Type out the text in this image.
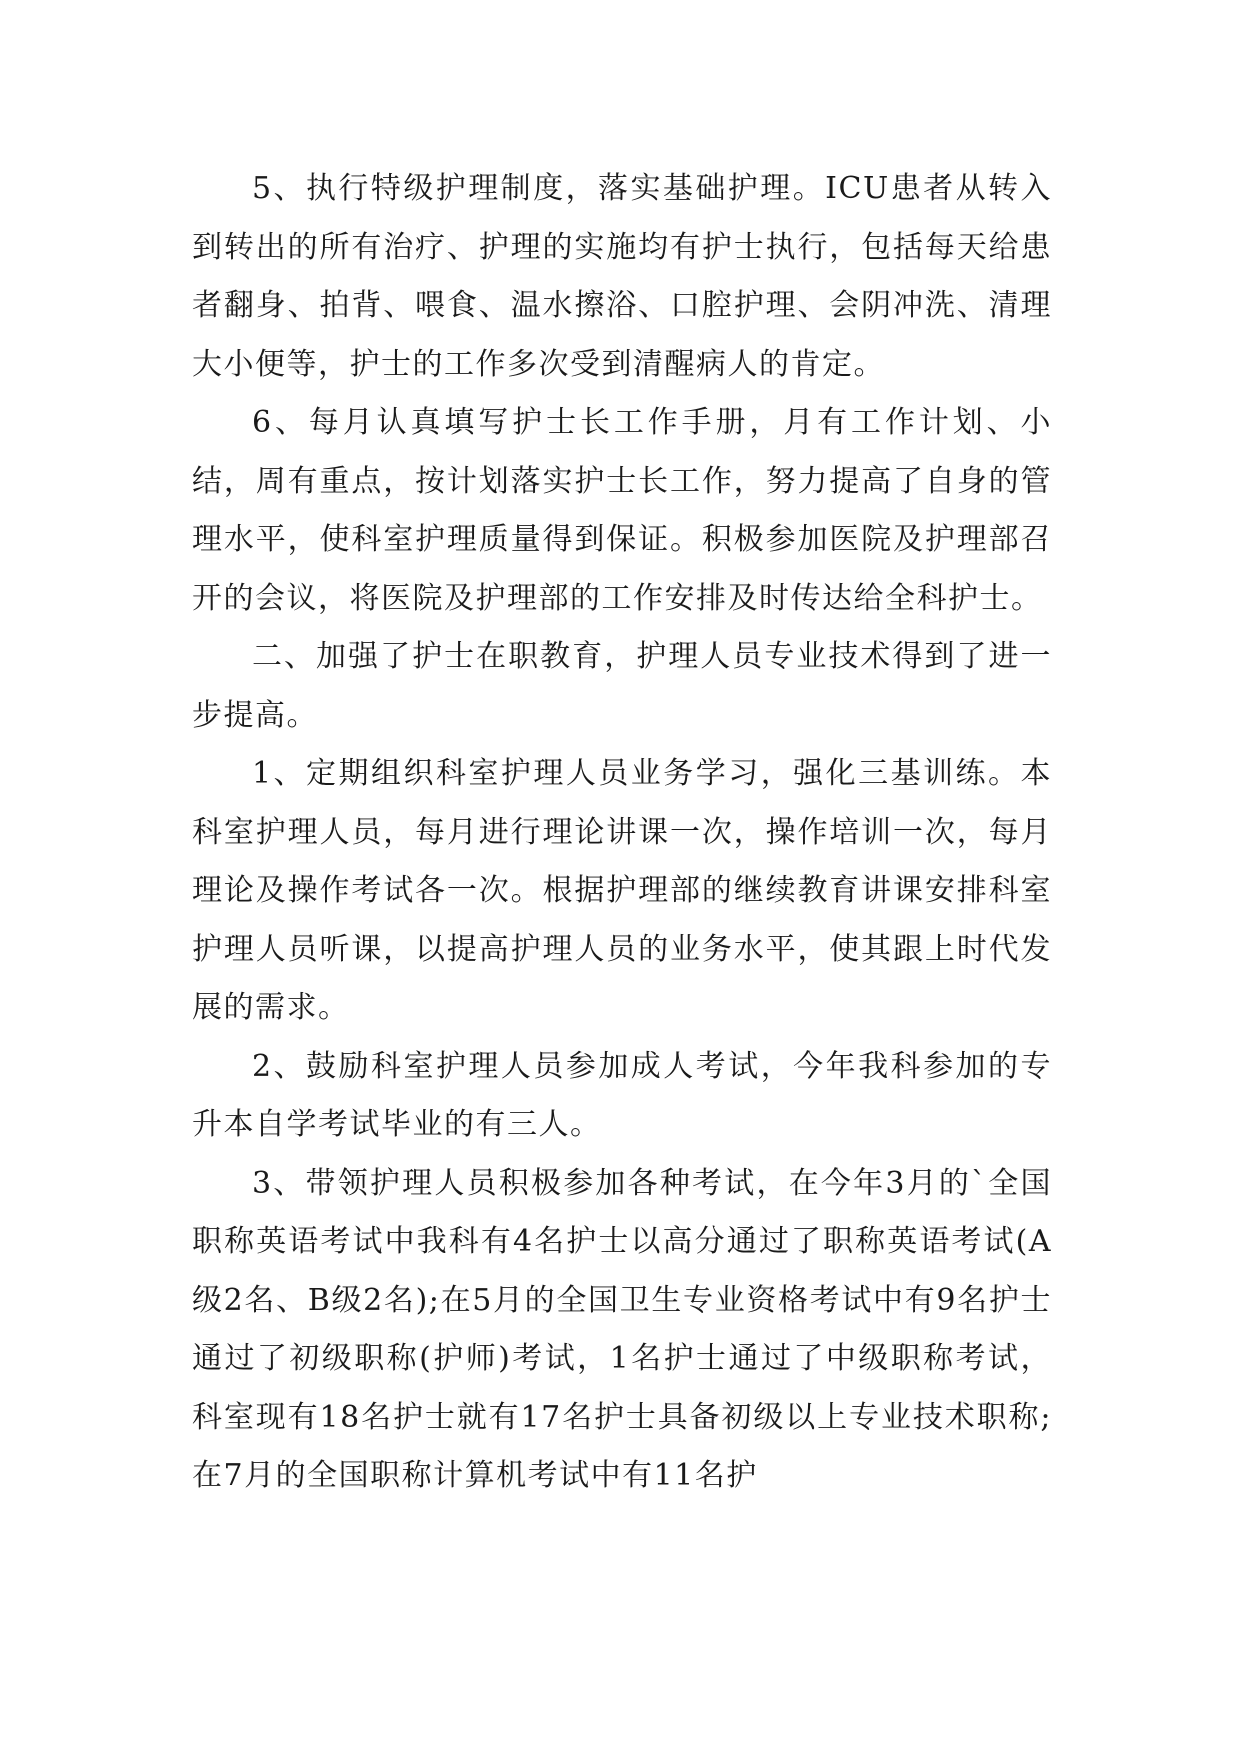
5、执行特级护理制度，落实基础护理。ICU患者从转入到转出的所有治疗、护理的实施均有护士执行，包括每天给患者翻身、拍背、喂食、温水擦浴、口腔护理、会阴冲洗、清理大小便等，护士的工作多次受到清醒病人的肯定。

6、每月认真填写护士长工作手册，月有工作计划、小结，周有重点，按计划落实护士长工作，努力提高了自身的管理水平，使科室护理质量得到保证。积极参加医院及护理部召开的会议，将医院及护理部的工作安排及时传达给全科护士。

二、加强了护士在职教育，护理人员专业技术得到了进一步提高。

1、定期组织科室护理人员业务学习，强化三基训练。本科室护理人员，每月进行理论讲课一次，操作培训一次，每月理论及操作考试各一次。根据护理部的继续教育讲课安排科室护理人员听课，以提高护理人员的业务水平，使其跟上时代发展的需求。

2、鼓励科室护理人员参加成人考试，今年我科参加的专升本自学考试毕业的有三人。

3、带领护理人员积极参加各种考试，在今年3月的`全国职称英语考试中我科有4名护士以高分通过了职称英语考试(A级2名、B级2名);在5月的全国卫生专业资格考试中有9名护士通过了初级职称(护师)考试，1名护士通过了中级职称考试，科室现有18名护士就有17名护士具备初级以上专业技术职称;在7月的全国职称计算机考试中有11名护
